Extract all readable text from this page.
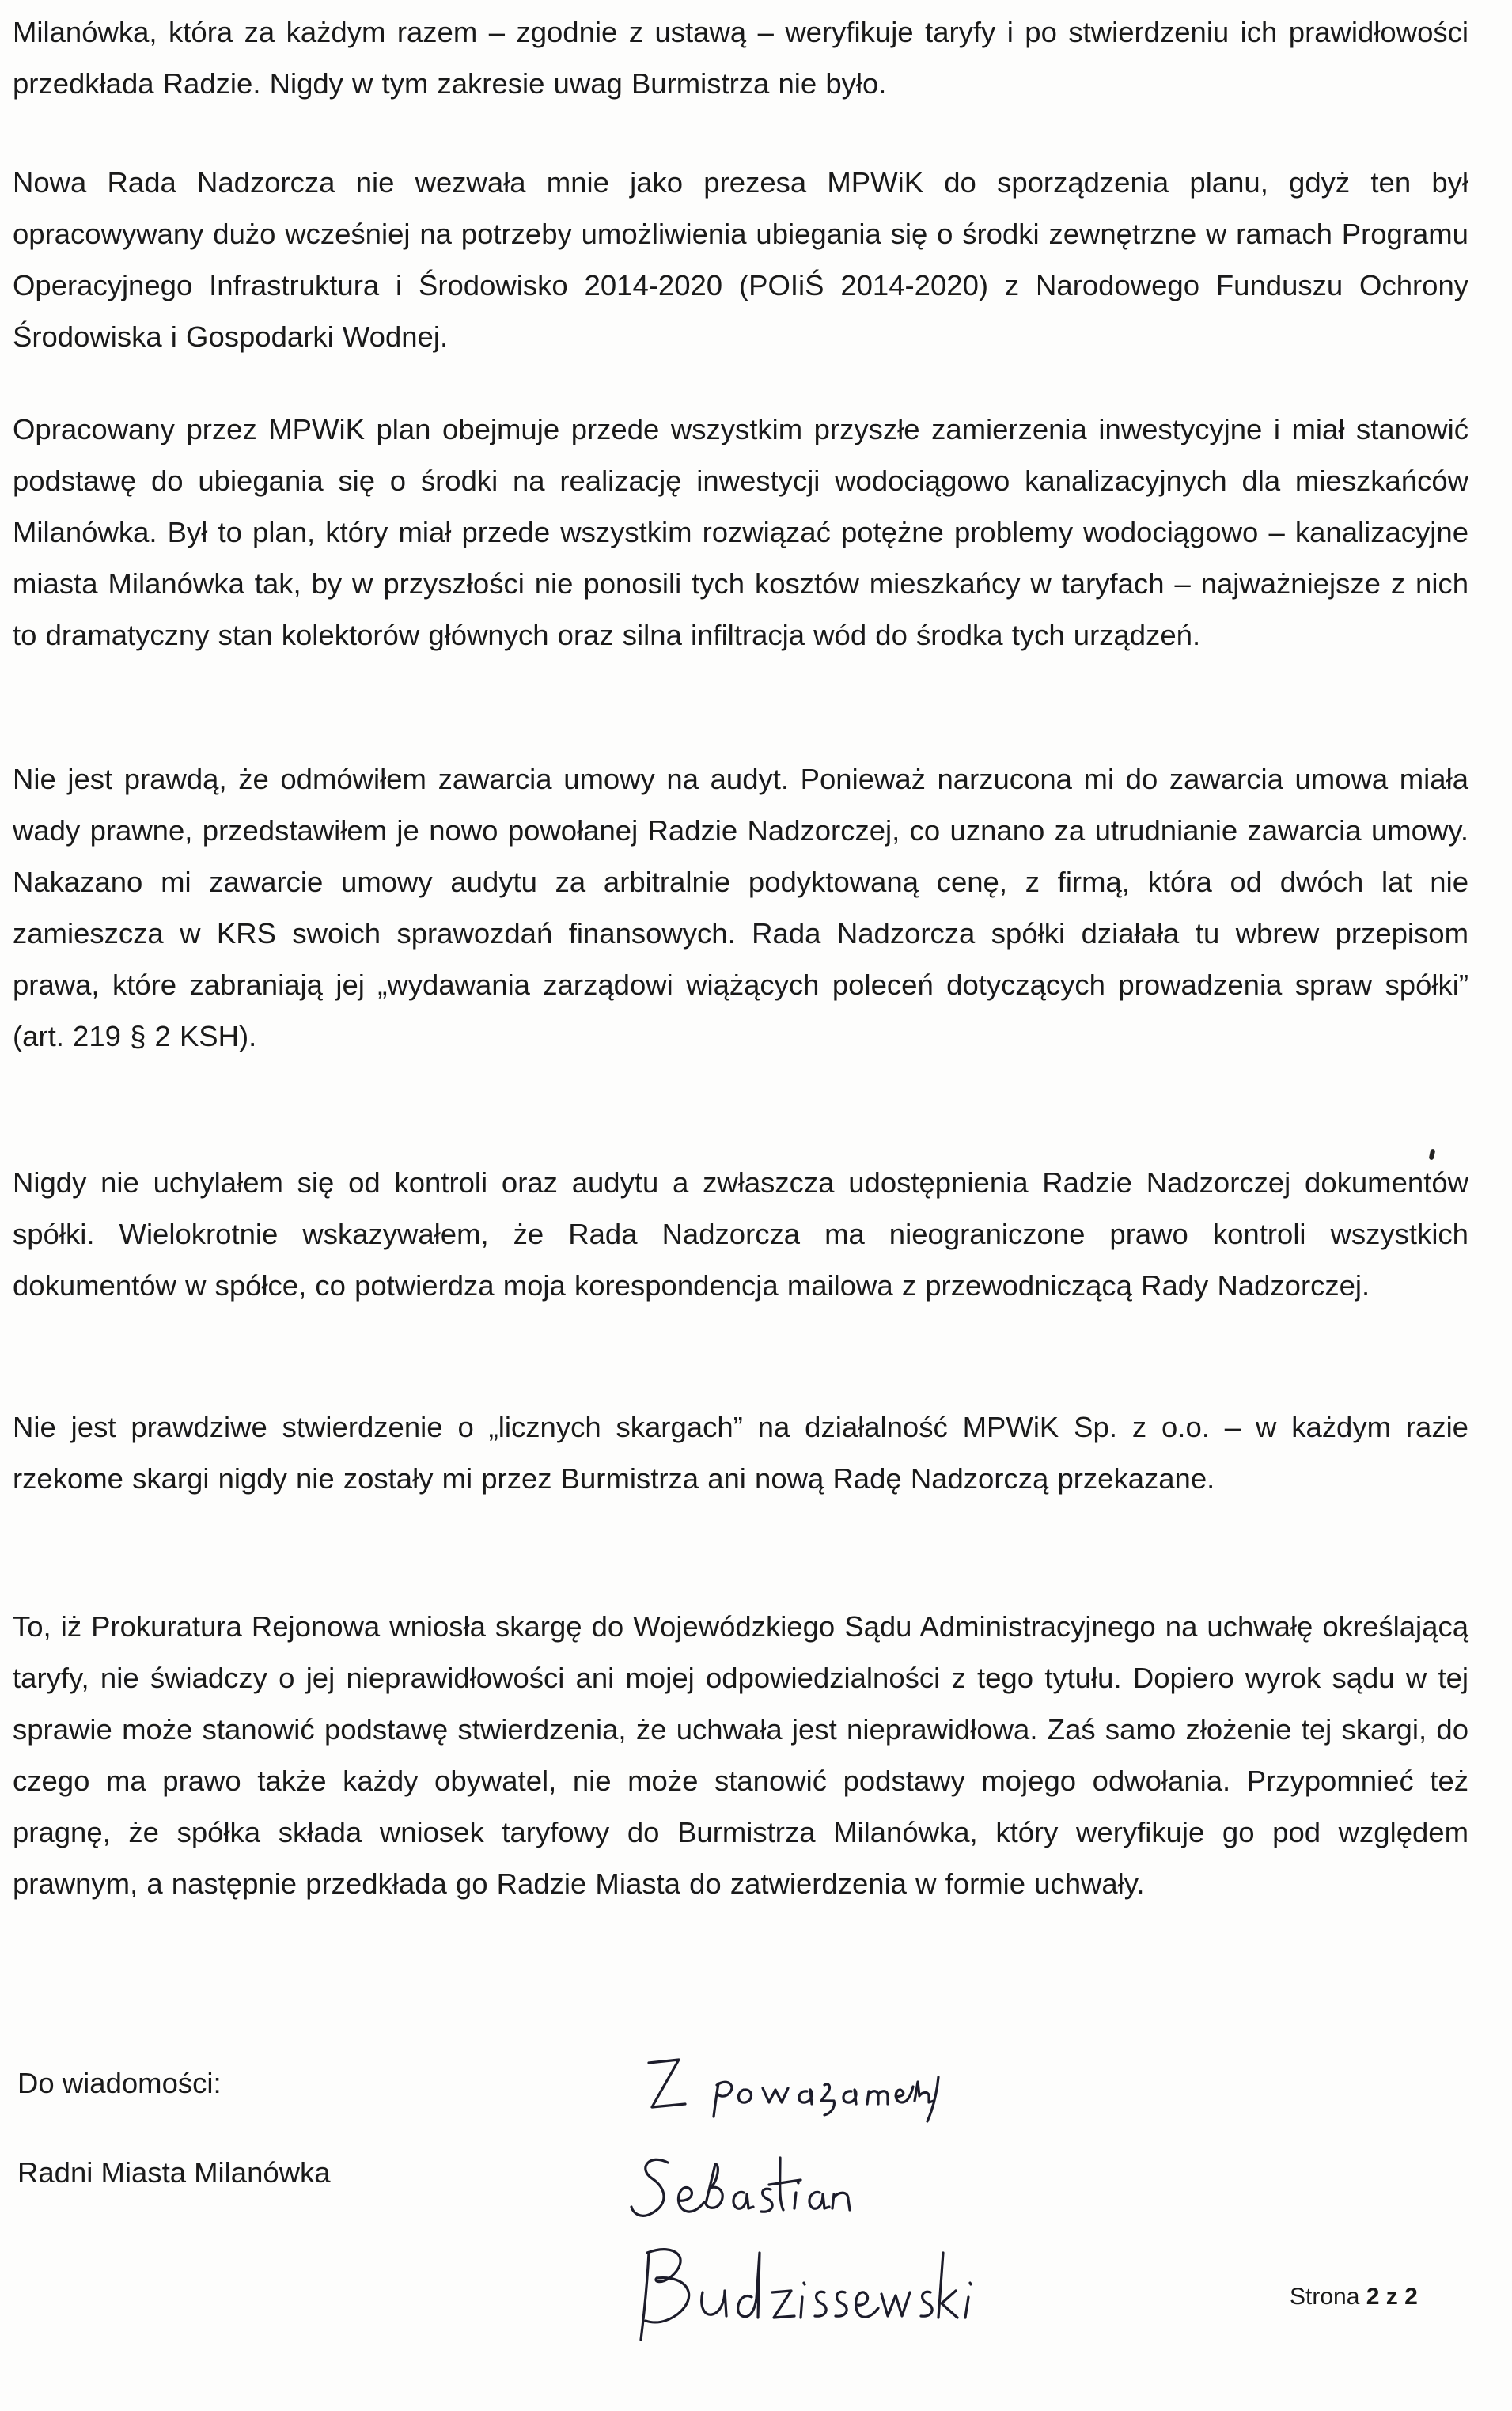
Milanówka, która za każdym razem – zgodnie z ustawą – weryfikuje taryfy i po stwierdzeniu ich prawidłowości przedkłada Radzie. Nigdy w tym zakresie uwag Burmistrza nie było.

Nowa Rada Nadzorcza nie wezwała mnie jako prezesa MPWiK do sporządzenia planu, gdyż ten był opracowywany dużo wcześniej na potrzeby umożliwienia ubiegania się o środki zewnętrzne w ramach Programu Operacyjnego Infrastruktura i Środowisko 2014-2020 (POIiŚ 2014-2020) z Narodowego Funduszu Ochrony Środowiska i Gospodarki Wodnej.

Opracowany przez MPWiK plan obejmuje przede wszystkim przyszłe zamierzenia inwestycyjne i miał stanowić podstawę do ubiegania się o środki na realizację inwestycji wodociągowo kanalizacyjnych dla mieszkańców Milanówka. Był to plan, który miał przede wszystkim rozwiązać potężne problemy wodociągowo – kanalizacyjne miasta Milanówka tak, by w przyszłości nie ponosili tych kosztów mieszkańcy w taryfach – najważniejsze z nich to dramatyczny stan kolektorów głównych oraz silna infiltracja wód do środka tych urządzeń.

Nie jest prawdą, że odmówiłem zawarcia umowy na audyt. Ponieważ narzucona mi do zawarcia umowa miała wady prawne, przedstawiłem je nowo powołanej Radzie Nadzorczej, co uznano za utrudnianie zawarcia umowy. Nakazano mi zawarcie umowy audytu za arbitralnie podyktowaną cenę, z firmą, która od dwóch lat nie zamieszcza w KRS swoich sprawozdań finansowych. Rada Nadzorcza spółki działała tu wbrew przepisom prawa, które zabraniają jej „wydawania zarządowi wiążących poleceń dotyczących prowadzenia spraw spółki” (art. 219 § 2 KSH).

Nigdy nie uchylałem się od kontroli oraz audytu a zwłaszcza udostępnienia Radzie Nadzorczej dokumentów spółki. Wielokrotnie wskazywałem, że Rada Nadzorcza ma nieograniczone prawo kontroli wszystkich dokumentów w spółce, co potwierdza moja korespondencja mailowa z przewodniczącą Rady Nadzorczej.

Nie jest prawdziwe stwierdzenie o „licznych skargach” na działalność MPWiK Sp. z o.o. – w każdym razie rzekome skargi nigdy nie zostały mi przez Burmistrza ani nową Radę Nadzorczą przekazane.

To, iż Prokuratura Rejonowa wniosła skargę do Wojewódzkiego Sądu Administracyjnego na uchwałę określającą taryfy, nie świadczy o jej nieprawidłowości ani mojej odpowiedzialności z tego tytułu. Dopiero wyrok sądu w tej sprawie może stanowić podstawę stwierdzenia, że uchwała jest nieprawidłowa. Zaś samo złożenie tej skargi, do czego ma prawo także każdy obywatel, nie może stanowić podstawy mojego odwołania. Przypomnieć też pragnę, że spółka składa wniosek taryfowy do Burmistrza Milanówka, który weryfikuje go pod względem prawnym, a następnie przedkłada go Radzie Miasta do zatwierdzenia w formie uchwały.

Do wiadomości:

Radni Miasta Milanówka

Strona 2 z 2
